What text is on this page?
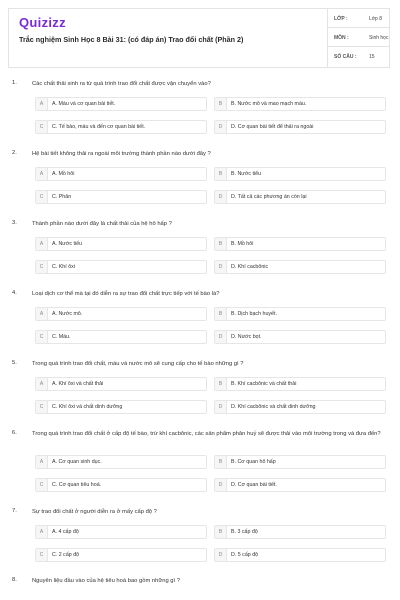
Quizizz
Trắc nghiệm Sinh Học 8 Bài 31: (có đáp án) Trao đổi chất (Phần 2)
LỚP :	Lớp 8
MÔN :	Sinh học
SỐ CÂU :	15
1.	Các chất thải sinh ra từ quá trình trao đổi chất được vận chuyển vào?
A	A. Máu và cơ quan bài tiết.	B	B. Nước mô và mao mạch máu.
C	C. Tế bào, máu và đến cơ quan bài tiết.	D	D. Cơ quan bài tiết để thải ra ngoài
2.	Hệ bài tiết không thải ra ngoài môi trường thành phần nào dưới đây ?
A	A. Mồ hôi	B	B. Nước tiểu
C	C. Phân	D	D. Tất cả các phương án còn lại
3.	Thành phần nào dưới đây là chất thải của hệ hô hấp ?
A	A. Nước tiểu	B	B. Mồ hôi
C	C. Khí ôxi	D	D. Khí cacbônic
4.	Loại dịch cơ thể mà tại đó diễn ra sự trao đổi chất trực tiếp với tế bào là?
A	A. Nước mô.	B	B. Dịch bạch huyết.
C	C. Máu.	D	D. Nước bọt.
5.	Trong quá trình trao đổi chất, máu và nước mô sẽ cung cấp cho tế bào những gì ?
A	A. Khí ôxi và chất thải	B	B. Khí cacbônic và chất thải
C	C. Khí ôxi và chất dinh dưỡng	D	D. Khí cacbônic và chất dinh dưỡng
6.	Trong quá trình trao đổi chất ở cấp độ tế bào, trừ khí cacbônic, các sản phẩm phân huỷ sẽ được thải vào môi trường trong và đưa đến?
A	A. Cơ quan sinh dục.	B	B. Cơ quan hô hấp
C	C. Cơ quan tiêu hoá.	D	D. Cơ quan bài tiết.
7.	Sự trao đổi chất ở người diễn ra ở mấy cấp độ ?
A	A. 4 cấp độ	B	B. 3 cấp độ
C	C. 2 cấp độ	D	D. 5 cấp độ
8.	Nguyên liệu đầu vào của hệ tiêu hoá bao gồm những gì ?
